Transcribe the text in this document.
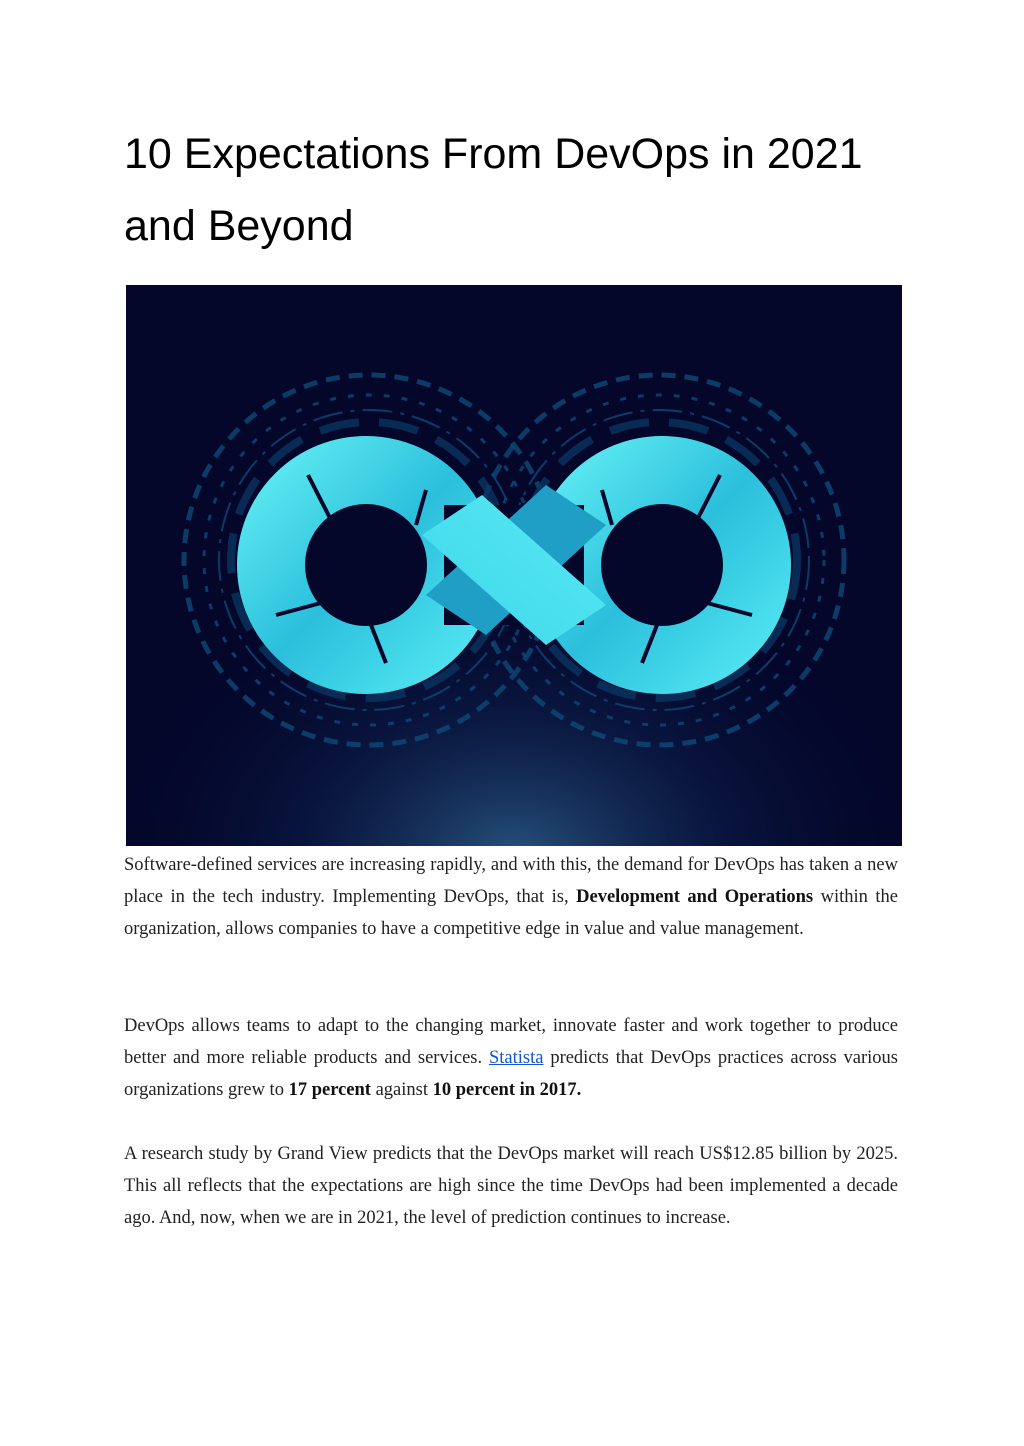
10 Expectations From DevOps in 2021 and Beyond

Software-defined services are increasing rapidly, and with this, the demand for DevOps has taken a new place in the tech industry. Implementing DevOps, that is, Development and Operations within the organization, allows companies to have a competitive edge in value and value management.

DevOps allows teams to adapt to the changing market, innovate faster and work together to produce better and more reliable products and services. Statista predicts that DevOps practices across various organizations grew to 17 percent against 10 percent in 2017.

A research study by Grand View predicts that the DevOps market will reach US$12.85 billion by 2025. This all reflects that the expectations are high since the time DevOps had been implemented a decade ago. And, now, when we are in 2021, the level of prediction continues to increase.
